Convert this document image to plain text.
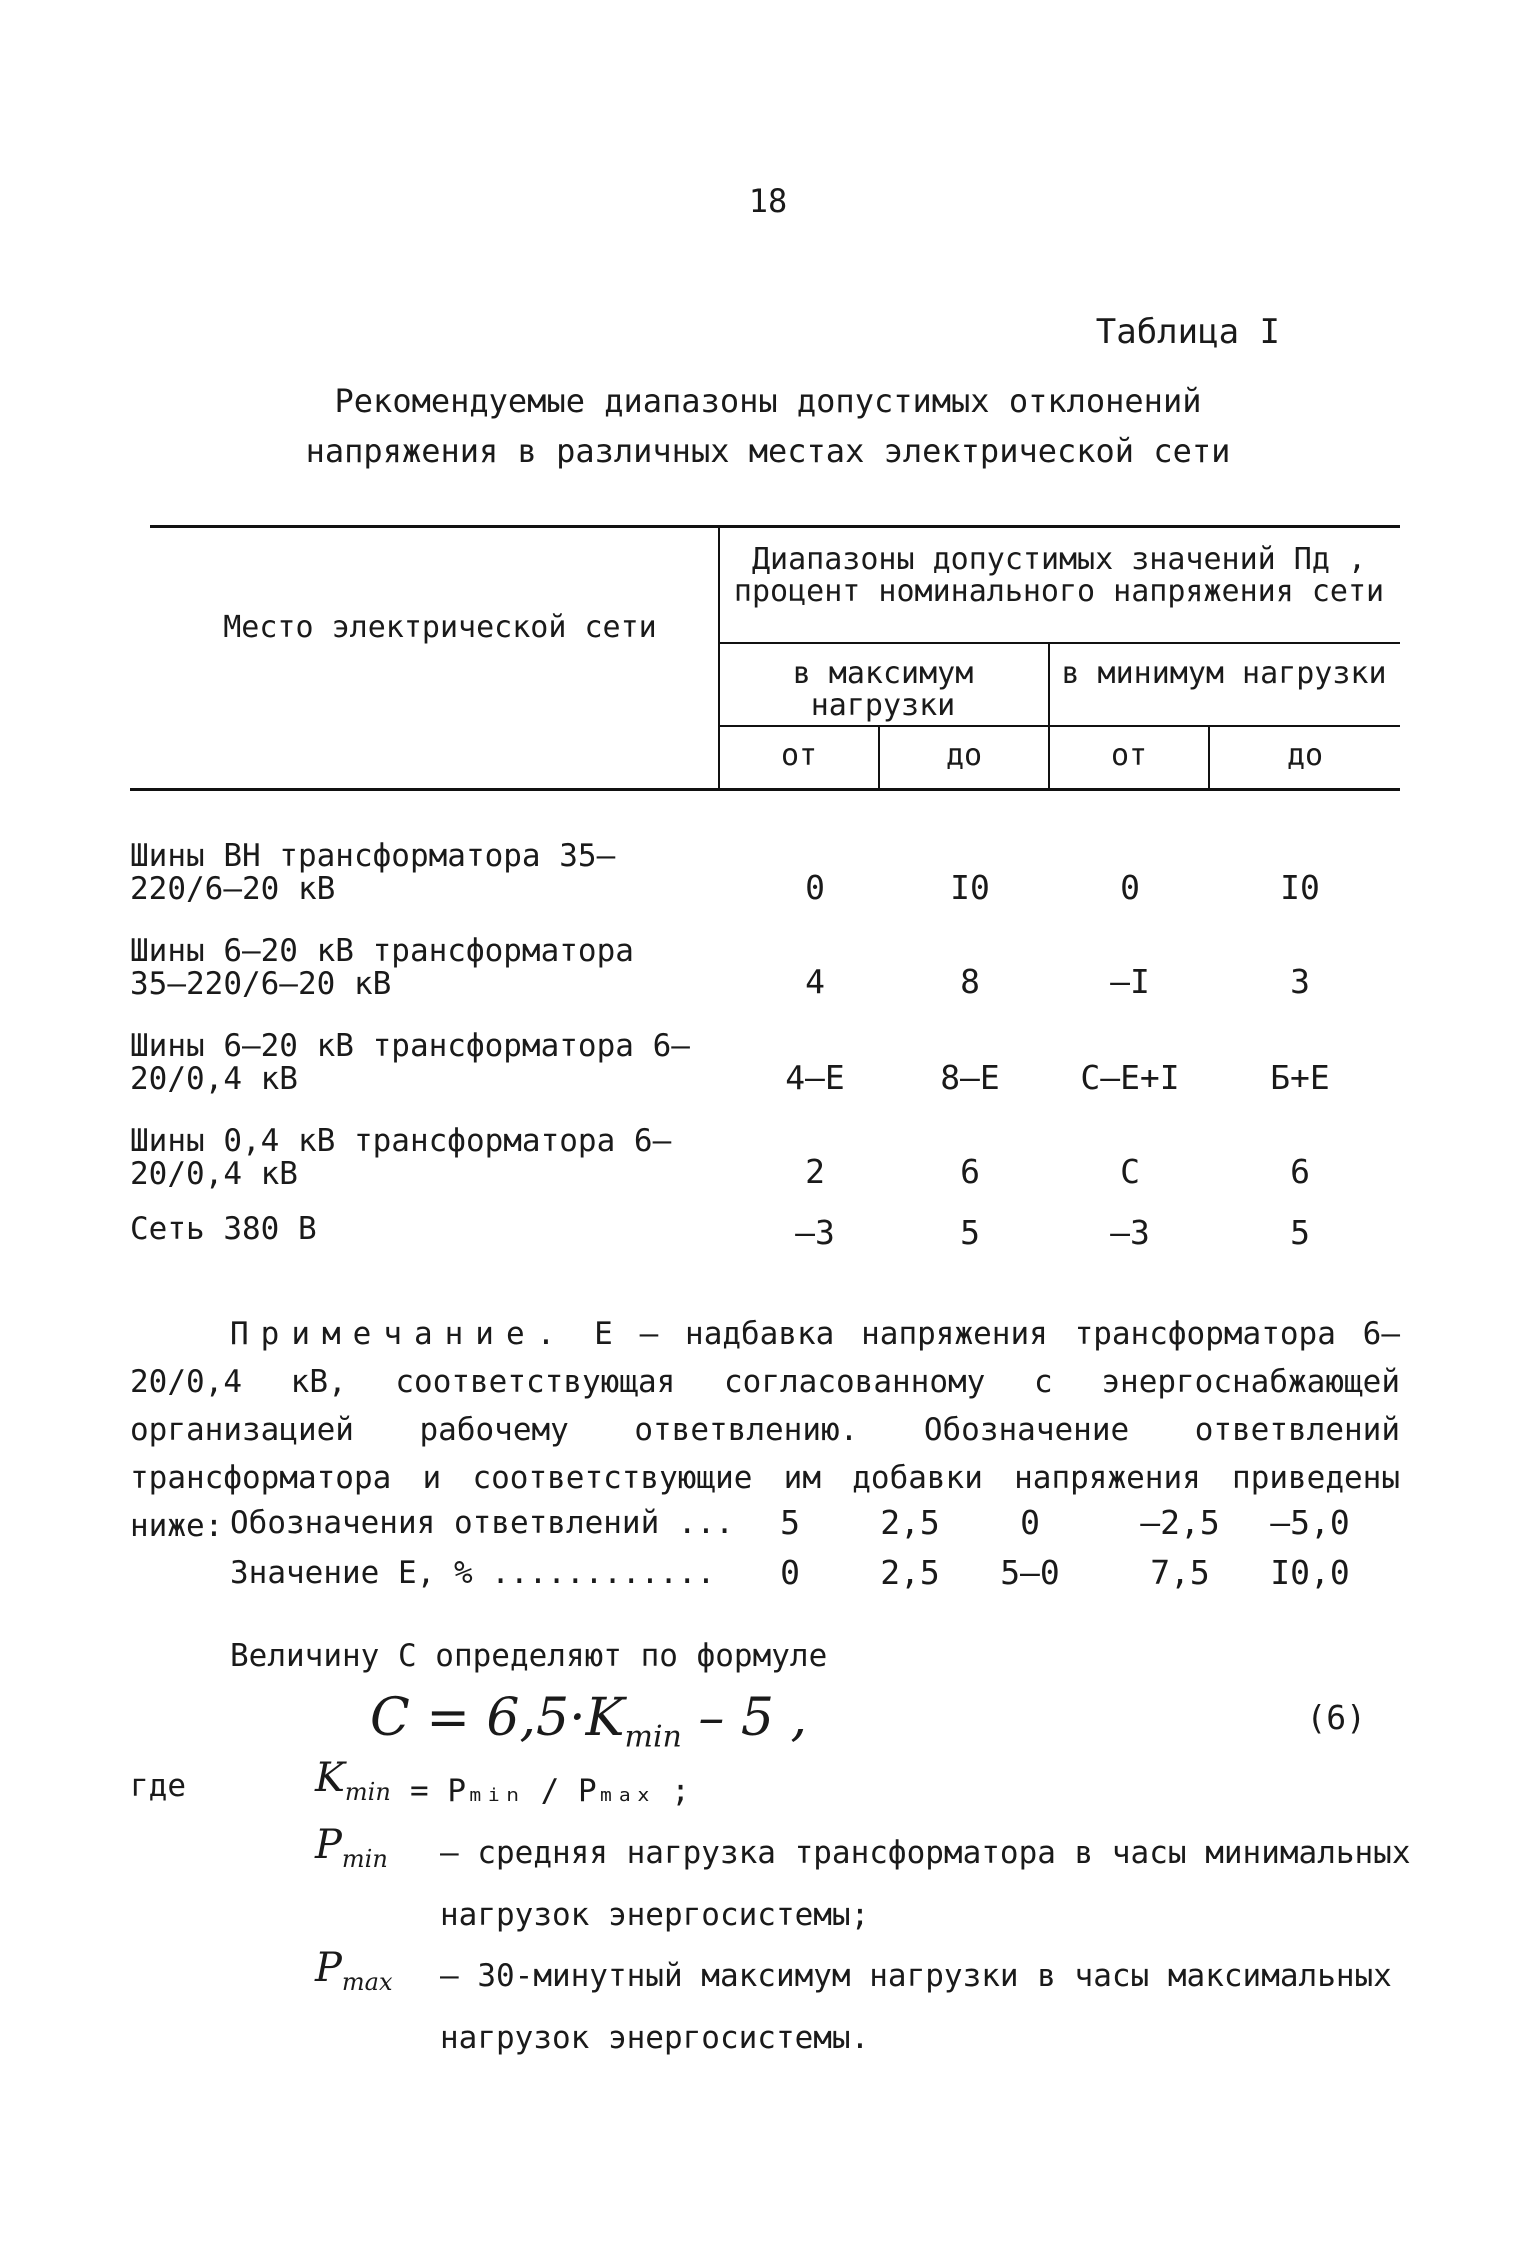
18
Таблица I
Рекомендуемые диапазоны допустимых отклонений
напряжения в различных местах электрической сети
Место электрической сети
Диапазоны допустимых значений Пд , процент номинального напряжения сети
в максимум нагрузки
в минимум нагрузки
от	до	от	до
Шины ВН трансформатора 35–220/6–20 кВ	0	I0	0	I0
Шины 6–20 кВ трансформатора 35–220/6–20 кВ	4	8	–I	3
Шины 6–20 кВ трансформатора 6–20/0,4 кВ	4–Е	8–Е	С–Е+I	Б+Е
Шины 0,4 кВ трансформатора 6–20/0,4 кВ	2	6	С	6
Сеть 380 В	–3	5	–3	5
Примечание. Е – надбавка напряжения трансформатора 6–20/0,4 кВ, соответствующая согласованному с энергоснабжающей организацией рабочему ответвлению. Обозначение ответвлений трансформатора и соответствующие им добавки напряжения приведены ниже: Обозначения ответвлений ...	5	2,5	0	–2,5	–5,0
Значение Е, % ............	0	2,5	5–0	7,5	I0,0
Величину С определяют по формуле
$C = 6,5\cdot K_{min} - 5$ ,	(6)
где	$K_{min}$ = Pₘᵢₙ / Pₘₐₓ ;
$P_{min}$ – средняя нагрузка трансформатора в часы минимальных нагрузок энергосистемы;
$P_{max}$ – 30-минутный максимум нагрузки в часы максимальных нагрузок энергосистемы.
